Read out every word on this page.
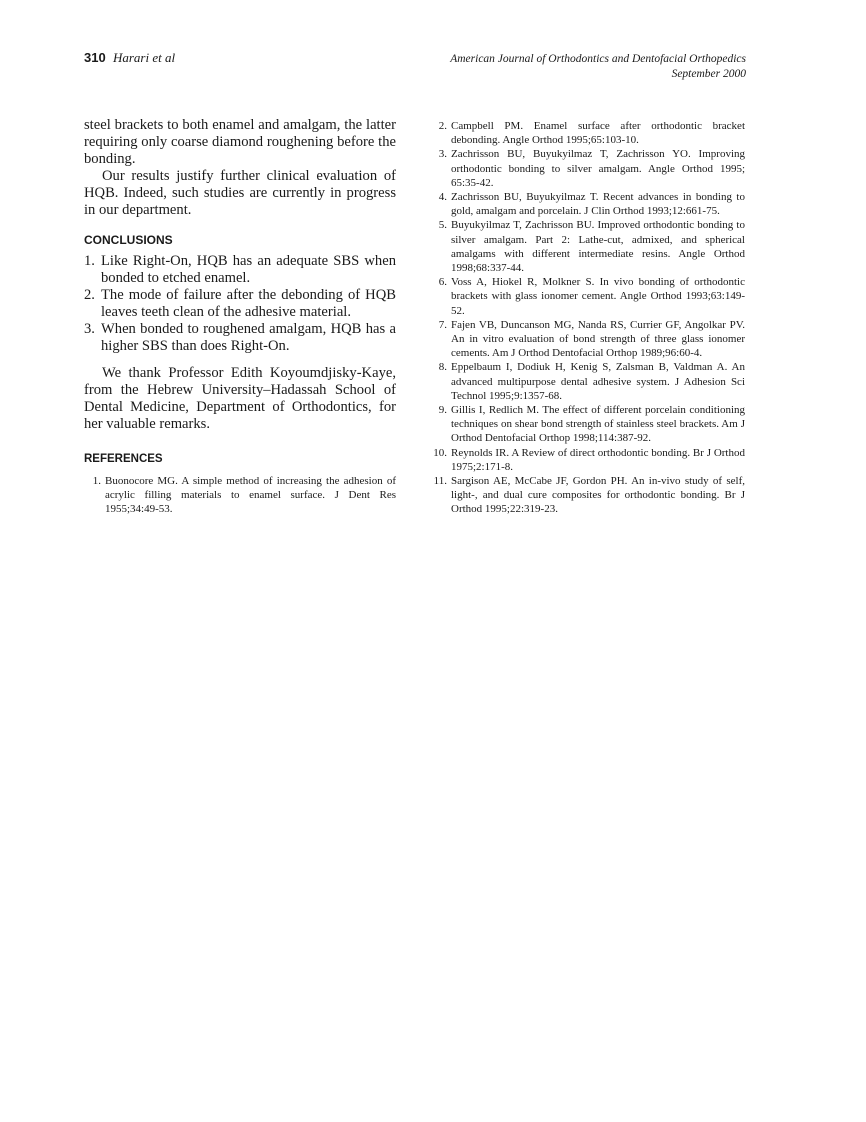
310 Harari et al	American Journal of Orthodontics and Dentofacial Orthopedics
September 2000

steel brackets to both enamel and amalgam, the latter requiring only coarse diamond roughening before the bonding.

Our results justify further clinical evaluation of HQB. Indeed, such studies are currently in progress in our department.

CONCLUSIONS
1. Like Right-On, HQB has an adequate SBS when bonded to etched enamel.
2. The mode of failure after the debonding of HQB leaves teeth clean of the adhesive material.
3. When bonded to roughened amalgam, HQB has a higher SBS than does Right-On.

We thank Professor Edith Koyoumdjisky-Kaye, from the Hebrew University–Hadassah School of Dental Medicine, Department of Orthodontics, for her valuable remarks.

REFERENCES
1. Buonocore MG. A simple method of increasing the adhesion of acrylic filling materials to enamel surface. J Dent Res 1955;34:49-53.
2. Campbell PM. Enamel surface after orthodontic bracket debonding. Angle Orthod 1995;65:103-10.
3. Zachrisson BU, Buyukyilmaz T, Zachrisson YO. Improving orthodontic bonding to silver amalgam. Angle Orthod 1995; 65:35-42.
4. Zachrisson BU, Buyukyilmaz T. Recent advances in bonding to gold, amalgam and porcelain. J Clin Orthod 1993;12:661-75.
5. Buyukyilmaz T, Zachrisson BU. Improved orthodontic bonding to silver amalgam. Part 2: Lathe-cut, admixed, and spherical amalgams with different intermediate resins. Angle Orthod 1998;68:337-44.
6. Voss A, Hiokel R, Molkner S. In vivo bonding of orthodontic brackets with glass ionomer cement. Angle Orthod 1993;63:149-52.
7. Fajen VB, Duncanson MG, Nanda RS, Currier GF, Angolkar PV. An in vitro evaluation of bond strength of three glass ionomer cements. Am J Orthod Dentofacial Orthop 1989;96:60-4.
8. Eppelbaum I, Dodiuk H, Kenig S, Zalsman B, Valdman A. An advanced multipurpose dental adhesive system. J Adhesion Sci Technol 1995;9:1357-68.
9. Gillis I, Redlich M. The effect of different porcelain conditioning techniques on shear bond strength of stainless steel brackets. Am J Orthod Dentofacial Orthop 1998;114:387-92.
10. Reynolds IR. A Review of direct orthodontic bonding. Br J Orthod 1975;2:171-8.
11. Sargison AE, McCabe JF, Gordon PH. An in-vivo study of self, light-, and dual cure composites for orthodontic bonding. Br J Orthod 1995;22:319-23.
